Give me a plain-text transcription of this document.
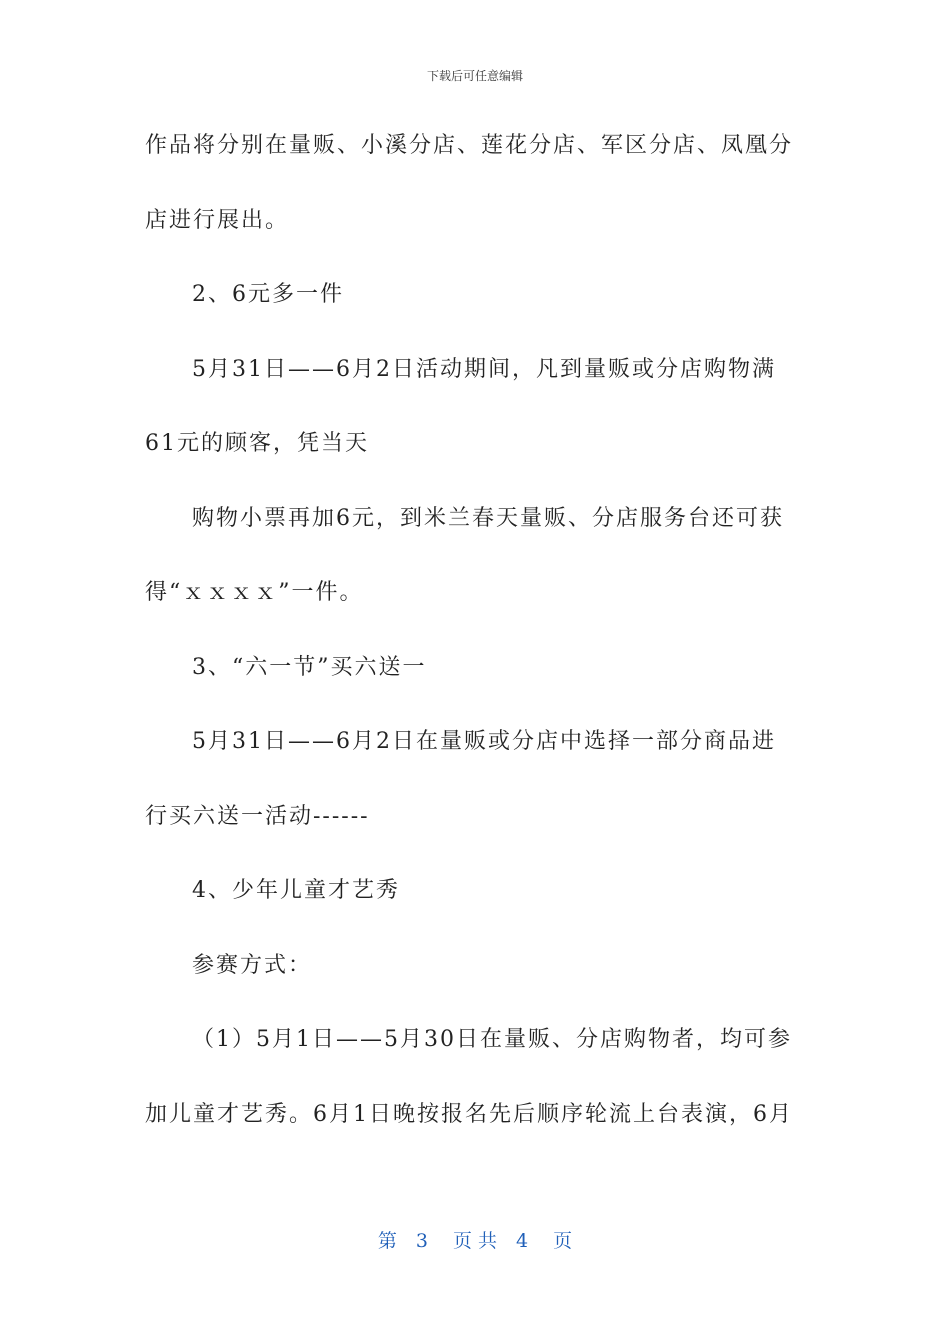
下载后可任意编辑
作品将分别在量贩、小溪分店、莲花分店、军区分店、凤凰分
店进行展出。
2、6元多一件
5月31日——6月2日活动期间，凡到量贩或分店购物满
61元的顾客，凭当天
购物小票再加6元，到米兰春天量贩、分店服务台还可获
得“ｘｘｘｘ”一件。
3、“六一节”买六送一
5月31日——6月2日在量贩或分店中选择一部分商品进
行买六送一活动------
4、少年儿童才艺秀
参赛方式：
（1）5月1日——5月30日在量贩、分店购物者，均可参
加儿童才艺秀。6月1日晚按报名先后顺序轮流上台表演，6月
第　3　 页 共　4　 页
